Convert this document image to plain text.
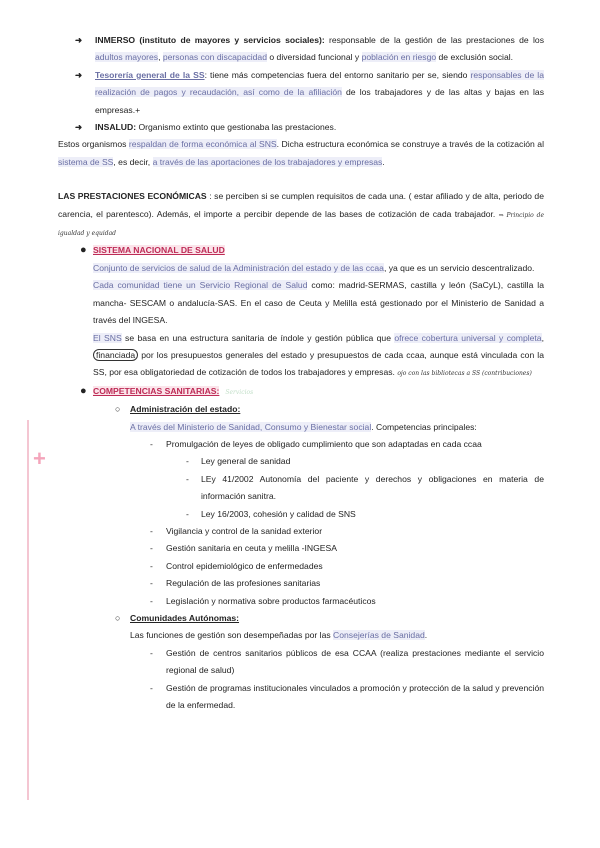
+
➜ INMERSO (instituto de mayores y servicios sociales): responsable de la gestión de las prestaciones de los adultos mayores, personas con discapacidad o diversidad funcional y población en riesgo de exclusión social.

➜ Tesorería general de la SS: tiene más competencias fuera del entorno sanitario per se, siendo responsables de la realización de pagos y recaudación, así como de la afiliación de los trabajadores y de las altas y bajas en las empresas.+

➜ INSALUD: Organismo extinto que gestionaba las prestaciones.

Estos organismos respaldan de forma económica al SNS. Dicha estructura económica se construye a través de la cotización al sistema de SS, es decir, a través de las aportaciones de los trabajadores y empresas.

LAS PRESTACIONES ECONÓMICAS : se perciben si se cumplen requisitos de cada una. ( estar afiliado y de alta, periodo de carencia, el parentesco). Además, el importe a percibir depende de las bases de cotización de cada trabajador. ⇒ Principio de igualdad y equidad

● SISTEMA NACIONAL DE SALUD

Conjunto de servicios de salud de la Administración del estado y de las ccaa, ya que es un servicio descentralizado.

Cada comunidad tiene un Servicio Regional de Salud como: madrid-SERMAS, castilla y león (SaCyL), castilla la mancha- SESCAM o andalucía-SAS. En el caso de Ceuta y Melilla está gestionado por el Ministerio de Sanidad a través del INGESA.

El SNS se basa en una estructura sanitaria de índole y gestión pública que ofrece cobertura universal y completa, financiada por los presupuestos generales del estado y presupuestos de cada ccaa, aunque está vinculada con la SS, por esa obligatoriedad de cotización de todos los trabajadores y empresas. ojo con las bibliotecas a SS (contribuciones)

● COMPETENCIAS SANITARIAS: Servicios

○ Administración del estado:

A través del Ministerio de Sanidad, Consumo y Bienestar social. Competencias principales:

- Promulgación de leyes de obligado cumplimiento que son adaptadas en cada ccaa

- Ley general de sanidad

- LEy 41/2002 Autonomía del paciente y derechos y obligaciones en materia de información sanitra.

- Ley 16/2003, cohesión y calidad de SNS

- Vigilancia y control de la sanidad exterior

- Gestión sanitaria en ceuta y melilla -INGESA

- Control epidemiológico de enfermedades

- Regulación de las profesiones sanitarias

- Legislación y normativa sobre productos farmacéuticos

○ Comunidades Autónomas:

Las funciones de gestión son desempeñadas por las Consejerías de Sanidad.

- Gestión de centros sanitarios públicos de esa CCAA (realiza prestaciones mediante el servicio regional de salud)

- Gestión de programas institucionales vinculados a promoción y protección de la salud y prevención de la enfermedad.
